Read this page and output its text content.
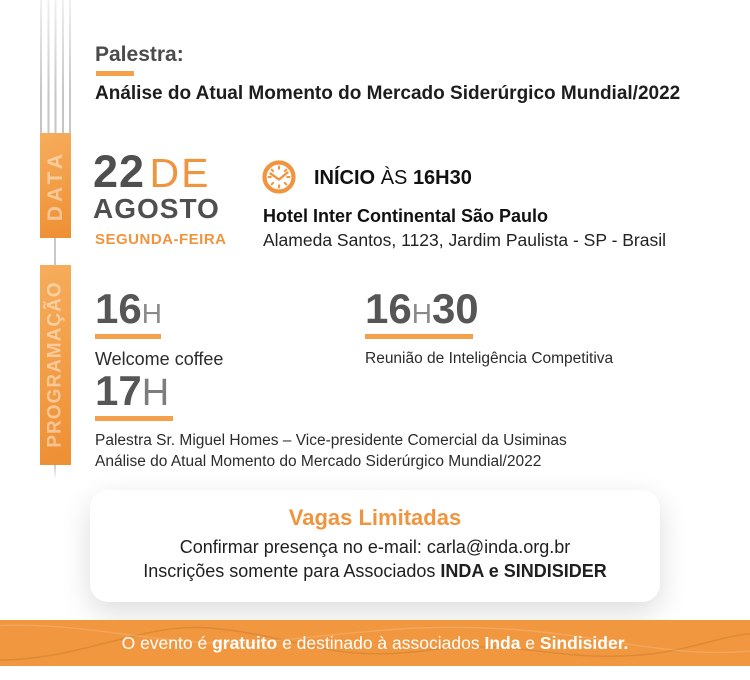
DATA
PROGRAMAÇÃO
Palestra:
Análise do Atual Momento do Mercado Siderúrgico Mundial/2022
22 DE
AGOSTO
SEGUNDA-FEIRA
INÍCIO ÀS 16H30
Hotel Inter Continental São Paulo
Alameda Santos, 1123, Jardim Paulista - SP - Brasil
16H
Welcome coffee
16H30
Reunião de Inteligência Competitiva
17H
Palestra Sr. Miguel Homes – Vice-presidente Comercial da Usiminas
Análise do Atual Momento do Mercado Siderúrgico Mundial/2022
Vagas Limitadas
Confirmar presença no e-mail: carla@inda.org.br
Inscrições somente para Associados INDA e SINDISIDER
O evento é gratuito e destinado à associados Inda e Sindisider.
